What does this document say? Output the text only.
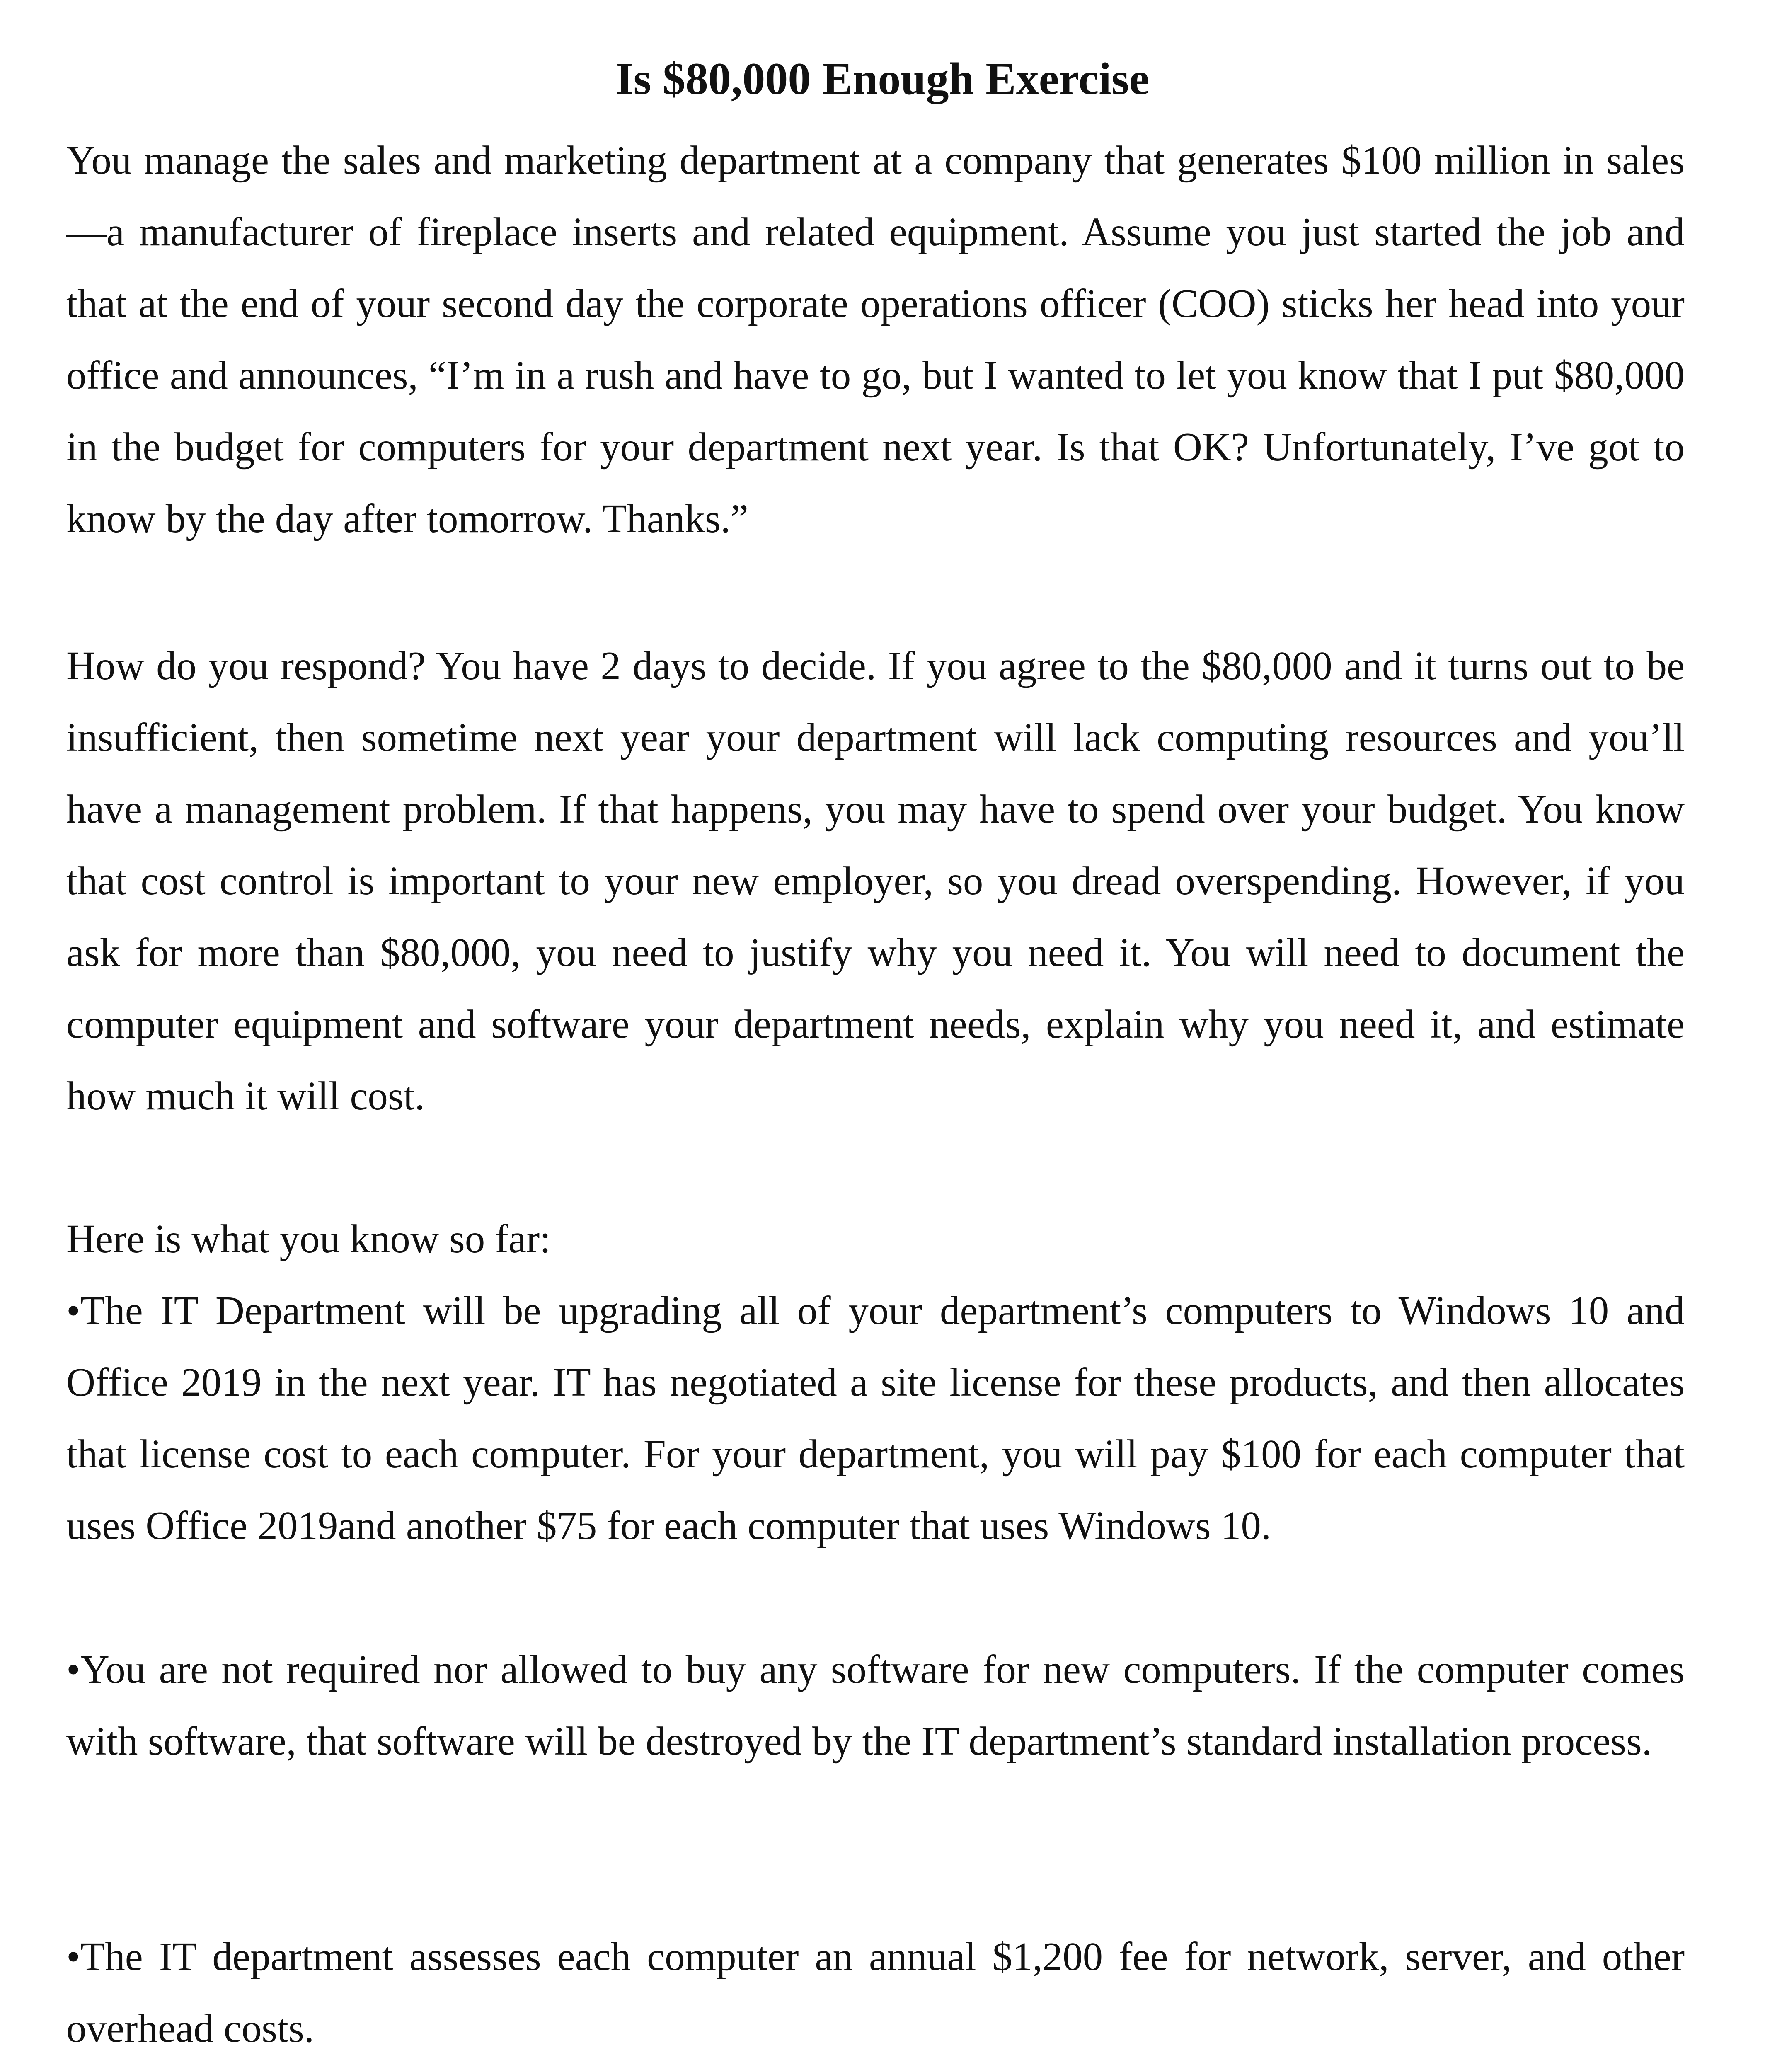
Is $80,000 Enough Exercise

You manage the sales and marketing department at a company that generates $100 million in sales—a manufacturer of fireplace inserts and related equipment. Assume you just started the job and that at the end of your second day the corporate operations officer (COO) sticks her head into your office and announces, “I’m in a rush and have to go, but I wanted to let you know that I put $80,000 in the budget for computers for your department next year. Is that OK? Unfortunately, I’ve got to know by the day after tomorrow. Thanks.”

How do you respond? You have 2 days to decide. If you agree to the $80,000 and it turns out to be insufficient, then sometime next year your department will lack computing resources and you’ll have a management problem. If that happens, you may have to spend over your budget. You know that cost control is important to your new employer, so you dread overspending. However, if you ask for more than $80,000, you need to justify why you need it. You will need to document the computer equipment and software your department needs, explain why you need it, and estimate how much it will cost.

Here is what you know so far:

•The IT Department will be upgrading all of your department’s computers to Windows 10 and Office 2019 in the next year. IT has negotiated a site license for these products, and then allocates that license cost to each computer. For your department, you will pay $100 for each computer that uses Office 2019and another $75 for each computer that uses Windows 10.

•You are not required nor allowed to buy any software for new computers. If the computer comes with software, that software will be destroyed by the IT department’s standard installation process.

•The IT department assesses each computer an annual $1,200 fee for network, server, and other overhead costs.
